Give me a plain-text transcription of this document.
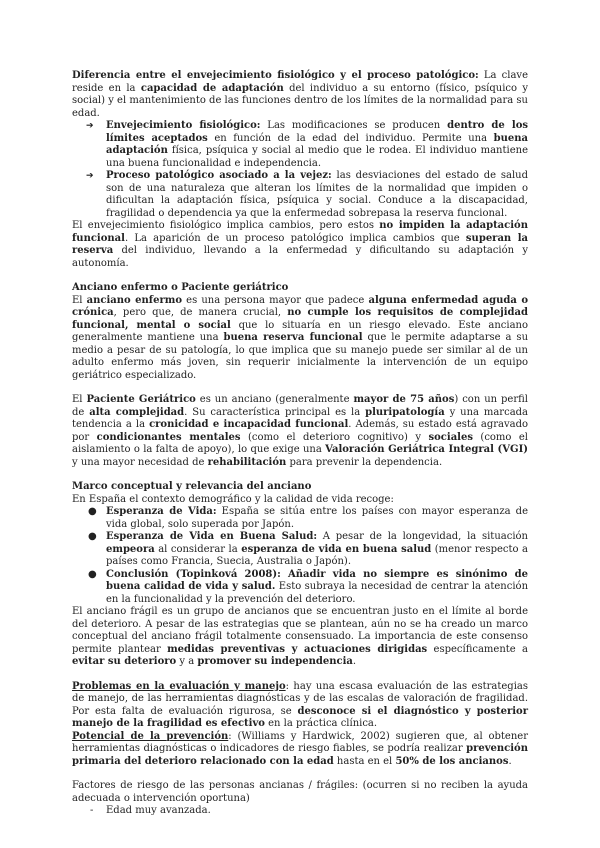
Diferencia entre el envejecimiento fisiológico y el proceso patológico: La clave reside en la capacidad de adaptación del individuo a su entorno (físico, psíquico y social) y el mantenimiento de las funciones dentro de los límites de la normalidad para su edad.

➔ Envejecimiento fisiológico: Las modificaciones se producen dentro de los límites aceptados en función de la edad del individuo. Permite una buena adaptación física, psíquica y social al medio que le rodea. El individuo mantiene una buena funcionalidad e independencia.
➔ Proceso patológico asociado a la vejez: las desviaciones del estado de salud son de una naturaleza que alteran los límites de la normalidad que impiden o dificultan la adaptación física, psíquica y social. Conduce a la discapacidad, fragilidad o dependencia ya que la enfermedad sobrepasa la reserva funcional.

El envejecimiento fisiológico implica cambios, pero estos no impiden la adaptación funcional. La aparición de un proceso patológico implica cambios que superan la reserva del individuo, llevando a la enfermedad y dificultando su adaptación y autonomía.

Anciano enfermo o Paciente geriátrico

El anciano enfermo es una persona mayor que padece alguna enfermedad aguda o crónica, pero que, de manera crucial, no cumple los requisitos de complejidad funcional, mental o social que lo situaría en un riesgo elevado. Este anciano generalmente mantiene una buena reserva funcional que le permite adaptarse a su medio a pesar de su patología, lo que implica que su manejo puede ser similar al de un adulto enfermo más joven, sin requerir inicialmente la intervención de un equipo geriátrico especializado.

El Paciente Geriátrico es un anciano (generalmente mayor de 75 años) con un perfil de alta complejidad. Su característica principal es la pluripatología y una marcada tendencia a la cronicidad e incapacidad funcional. Además, su estado está agravado por condicionantes mentales (como el deterioro cognitivo) y sociales (como el aislamiento o la falta de apoyo), lo que exige una Valoración Geriátrica Integral (VGI) y una mayor necesidad de rehabilitación para prevenir la dependencia.

Marco conceptual y relevancia del anciano

En España el contexto demográfico y la calidad de vida recoge:

● Esperanza de Vida: España se sitúa entre los países con mayor esperanza de vida global, solo superada por Japón.
● Esperanza de Vida en Buena Salud: A pesar de la longevidad, la situación empeora al considerar la esperanza de vida en buena salud (menor respecto a países como Francia, Suecia, Australia o Japón).
● Conclusión (Topinková 2008): Añadir vida no siempre es sinónimo de buena calidad de vida y salud. Esto subraya la necesidad de centrar la atención en la funcionalidad y la prevención del deterioro.

El anciano frágil es un grupo de ancianos que se encuentran justo en el límite al borde del deterioro. A pesar de las estrategias que se plantean, aún no se ha creado un marco conceptual del anciano frágil totalmente consensuado. La importancia de este consenso permite plantear medidas preventivas y actuaciones dirigidas específicamente a evitar su deterioro y a promover su independencia.

Problemas en la evaluación y manejo: hay una escasa evaluación de las estrategias de manejo, de las herramientas diagnósticas y de las escalas de valoración de fragilidad. Por esta falta de evaluación rigurosa, se desconoce si el diagnóstico y posterior manejo de la fragilidad es efectivo en la práctica clínica.

Potencial de la prevención: (Williams y Hardwick, 2002) sugieren que, al obtener herramientas diagnósticas o indicadores de riesgo fiables, se podría realizar prevención primaria del deterioro relacionado con la edad hasta en el 50% de los ancianos.

Factores de riesgo de las personas ancianas / frágiles: (ocurren si no reciben la ayuda adecuada o intervención oportuna)

- Edad muy avanzada.
